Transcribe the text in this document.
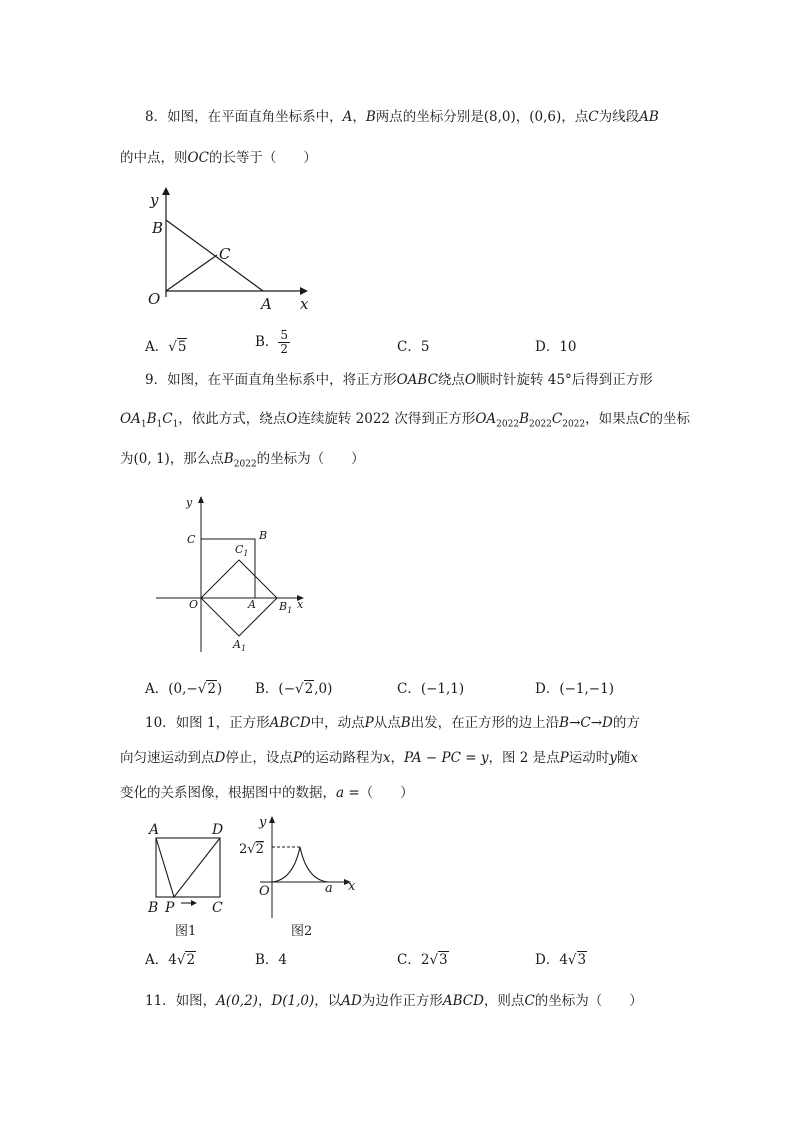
8．如图，在平面直角坐标系中，A，B两点的坐标分别是(8,0)，(0,6)，点C为线段AB
的中点，则OC的长等于（　　）
y
B
C
O	A x
A．√5	B． $\frac{5}{2}$	C．5	D．10
9．如图，在平面直角坐标系中，将正方形OABC绕点O顺时针旋转 45°后得到正方形
$OA_1B_1C_1$，依此方式，绕点O连续旋转 2022 次得到正方形$OA_{2022}B_{2022}C_{2022}$，如果点C的坐标
为(0, 1)，那么点$B_{2022}$的坐标为（　　）
y
C	B
$C_1$
O	A $B_1$ x
$A_1$
A．(0,−√2) B．(−√2,0)	C．(−1,1)	D．(−1,−1)
10．如图 1，正方形ABCD中，动点P从点B出发，在正方形的边上沿B→C→D的方
向匀速运动到点D停止，设点P的运动路程为x，PA − PC = y，图 2 是点P运动时y随x
变化的关系图像，根据图中的数据，a =（　　）
A	D
B P	C
图1
y
2√2
O	a x
图2
A．4√2	B．4	C．2√3	D．4√3
11．如图，A(0,2)，D(1,0)，以AD为边作正方形ABCD，则点C的坐标为（　　）
